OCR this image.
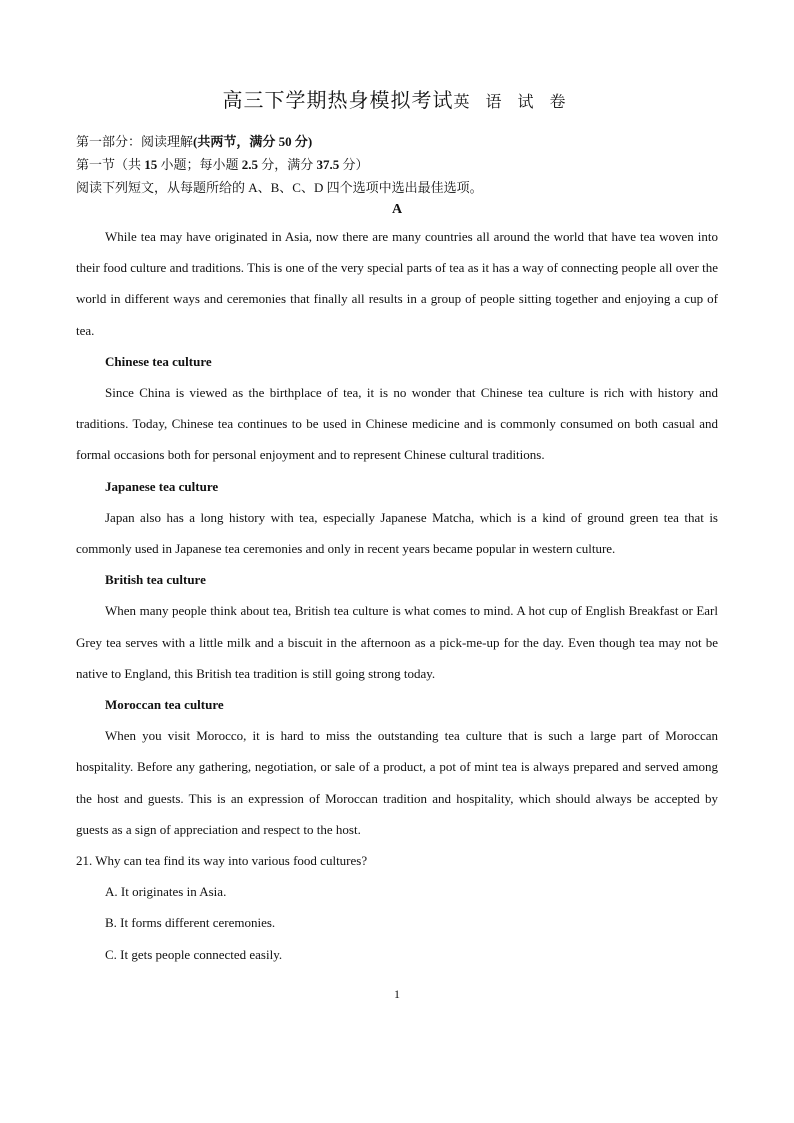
高三下学期热身模拟考试英 语 试 卷
第一部分：阅读理解(共两节，满分 50 分)
第一节（共 15 小题；每小题 2.5 分，满分 37.5 分）
阅读下列短文，从每题所给的 A、B、C、D 四个选项中选出最佳选项。
A

While tea may have originated in Asia, now there are many countries all around the world that have tea woven into their food culture and traditions. This is one of the very special parts of tea as it has a way of connecting people all over the world in different ways and ceremonies that finally all results in a group of people sitting together and enjoying a cup of tea.

Chinese tea culture

Since China is viewed as the birthplace of tea, it is no wonder that Chinese tea culture is rich with history and traditions. Today, Chinese tea continues to be used in Chinese medicine and is commonly consumed on both casual and formal occasions both for personal enjoyment and to represent Chinese cultural traditions.

Japanese tea culture

Japan also has a long history with tea, especially Japanese Matcha, which is a kind of ground green tea that is commonly used in Japanese tea ceremonies and only in recent years became popular in western culture.

British tea culture

When many people think about tea, British tea culture is what comes to mind. A hot cup of English Breakfast or Earl Grey tea serves with a little milk and a biscuit in the afternoon as a pick-me-up for the day. Even though tea may not be native to England, this British tea tradition is still going strong today.

Moroccan tea culture

When you visit Morocco, it is hard to miss the outstanding tea culture that is such a large part of Moroccan hospitality. Before any gathering, negotiation, or sale of a product, a pot of mint tea is always prepared and served among the host and guests. This is an expression of Moroccan tradition and hospitality, which should always be accepted by guests as a sign of appreciation and respect to the host.

21. Why can tea find its way into various food cultures?

A. It originates in Asia.

B. It forms different ceremonies.

C. It gets people connected easily.

1
